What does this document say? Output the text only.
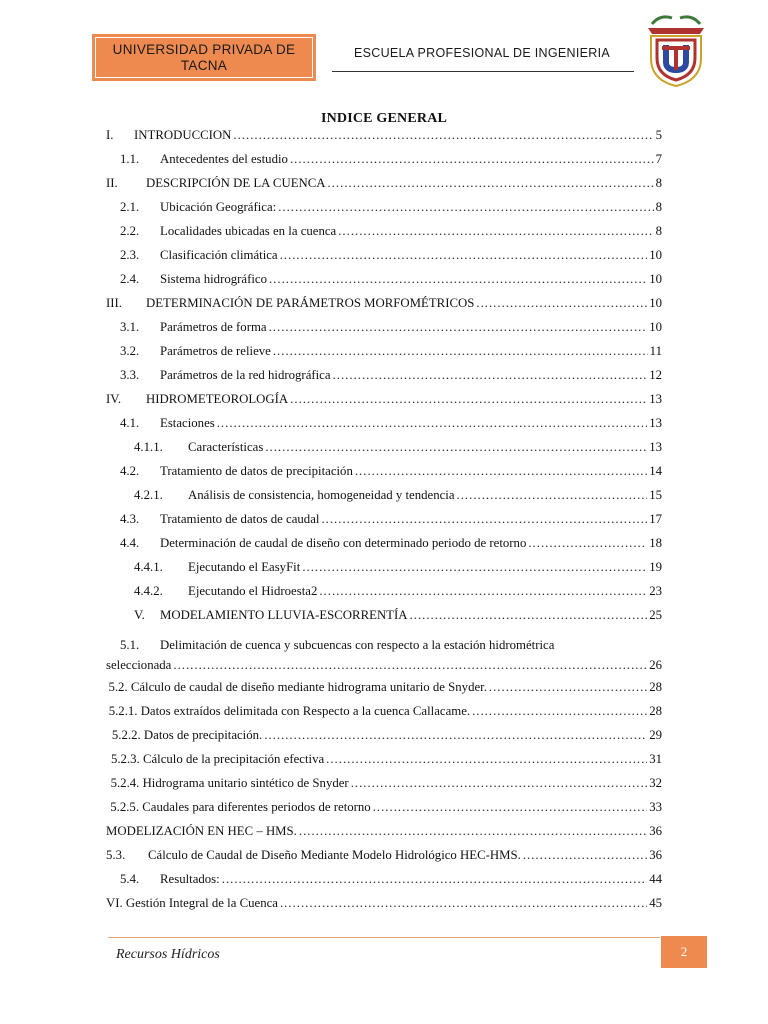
UNIVERSIDAD PRIVADA DE TACNA
ESCUELA PROFESIONAL DE INGENIERIA
INDICE GENERAL
I.	INTRODUCCION .....	5
1.1.	Antecedentes del estudio .....	7
II.	DESCRIPCIÓN DE LA CUENCA .....	8
2.1.	Ubicación Geográfica: .....	8
2.2.	Localidades ubicadas en la cuenca .....	8
2.3.	Clasificación climática .....	10
2.4.	Sistema hidrográfico .....	10
III.	DETERMINACIÓN DE PARÁMETROS MORFOMÉTRICOS .....	10
3.1.	Parámetros de forma .....	10
3.2.	Parámetros de relieve .....	11
3.3.	Parámetros de la red hidrográfica .....	12
IV.	HIDROMETEOROLOGÍA .....	13
4.1.	Estaciones .....	13
4.1.1.	Características .....	13
4.2.	Tratamiento de datos de precipitación .....	14
4.2.1.	Análisis de consistencia, homogeneidad y tendencia .....	15
4.3.	Tratamiento de datos de caudal .....	17
4.4.	Determinación de caudal de diseño con determinado periodo de retorno .....	18
4.4.1.	Ejecutando el EasyFit .....	19
4.4.2.	Ejecutando el Hidroesta2 .....	23
V.	MODELAMIENTO LLUVIA-ESCORRENTÍA .....	25
5.1. Delimitación de cuenca y subcuencas con respecto a la estación hidrométrica
seleccionada .....	26
5.2. Cálculo de caudal de diseño mediante hidrograma unitario de Snyder. .....	28
5.2.1. Datos extraídos delimitada con Respecto a la cuenca Callacame. .....	28
5.2.2. Datos de precipitación. .....	29
5.2.3. Cálculo de la precipitación efectiva .....	31
5.2.4. Hidrograma unitario sintético de Snyder .....	32
5.2.5. Caudales para diferentes periodos de retorno .....	33
MODELIZACIÓN EN HEC – HMS. .....	36
5.3.	Cálculo de Caudal de Diseño Mediante Modelo Hidrológico HEC-HMS. .....	36
5.4.	Resultados: .....	44
VI. Gestión Integral de la Cuenca .....	45
Recursos Hídricos	2
